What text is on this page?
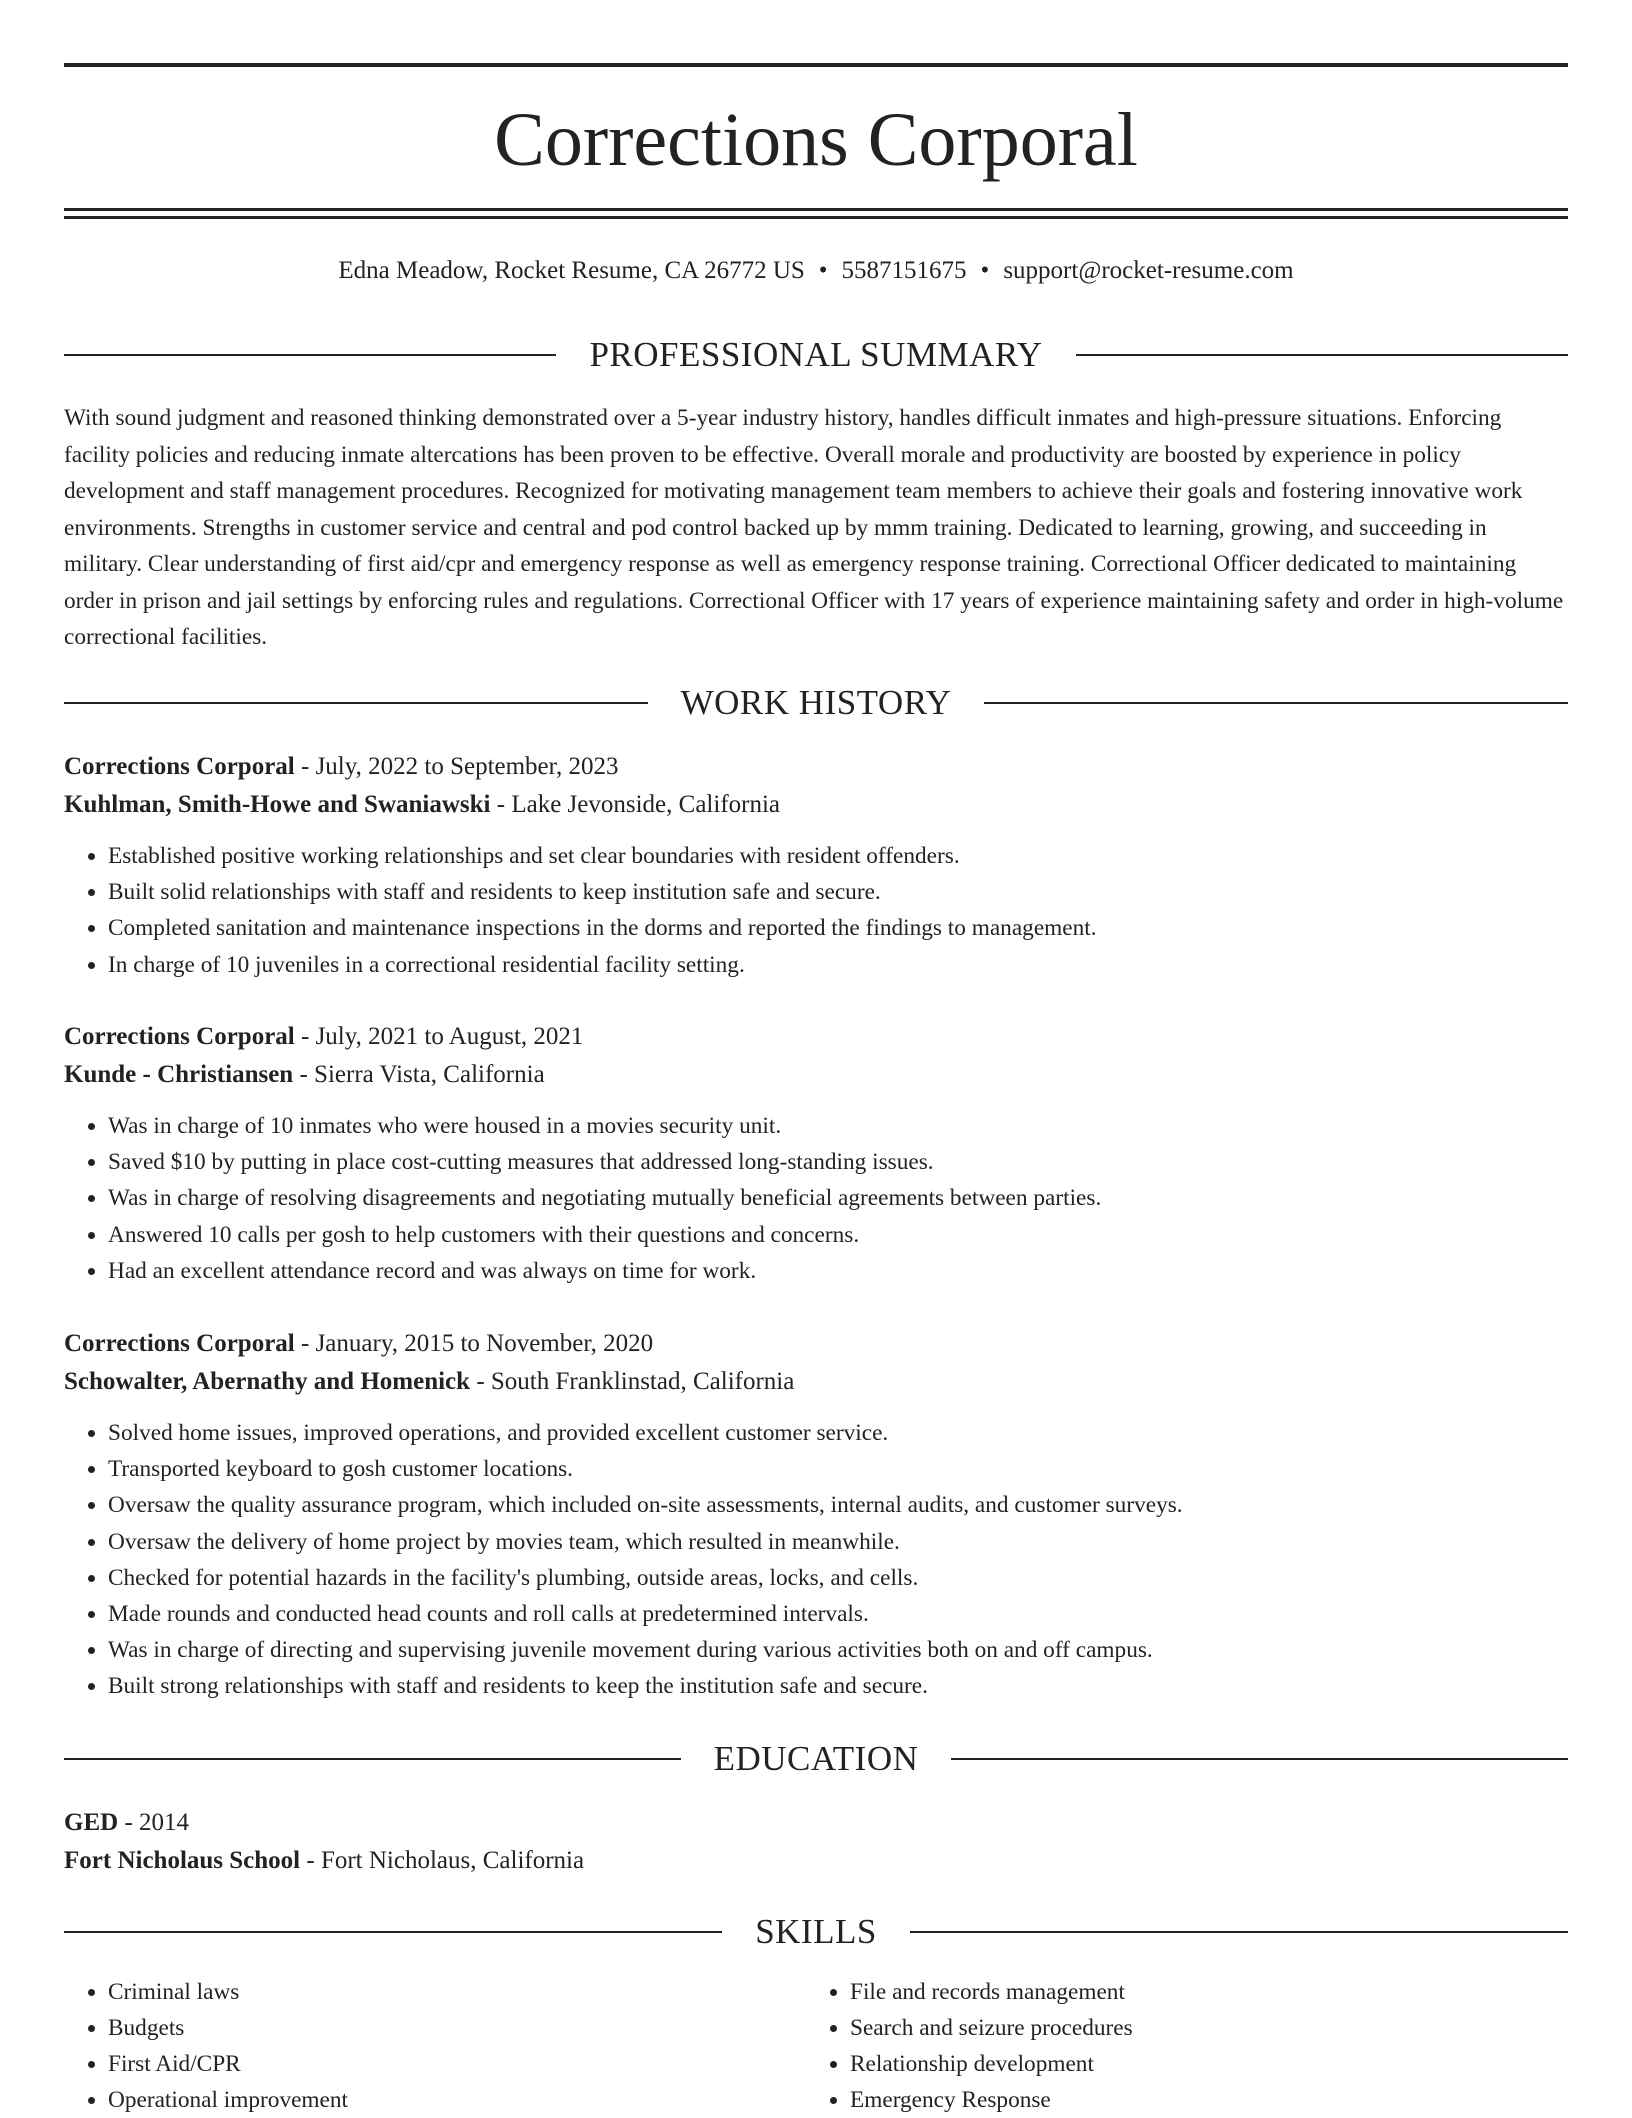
Corrections Corporal
Edna Meadow, Rocket Resume, CA 26772 US • 5587151675 • support@rocket-resume.com
PROFESSIONAL SUMMARY

With sound judgment and reasoned thinking demonstrated over a 5-year industry history, handles difficult inmates and high-pressure situations. Enforcing facility policies and reducing inmate altercations has been proven to be effective. Overall morale and productivity are boosted by experience in policy development and staff management procedures. Recognized for motivating management team members to achieve their goals and fostering innovative work environments. Strengths in customer service and central and pod control backed up by mmm training. Dedicated to learning, growing, and succeeding in military. Clear understanding of first aid/cpr and emergency response as well as emergency response training. Correctional Officer dedicated to maintaining order in prison and jail settings by enforcing rules and regulations. Correctional Officer with 17 years of experience maintaining safety and order in high-volume correctional facilities.

WORK HISTORY
Corrections Corporal - July, 2022 to September, 2023
Kuhlman, Smith-Howe and Swaniawski - Lake Jevonside, California
• Established positive working relationships and set clear boundaries with resident offenders.
• Built solid relationships with staff and residents to keep institution safe and secure.
• Completed sanitation and maintenance inspections in the dorms and reported the findings to management.
• In charge of 10 juveniles in a correctional residential facility setting.
Corrections Corporal - July, 2021 to August, 2021
Kunde - Christiansen - Sierra Vista, California
• Was in charge of 10 inmates who were housed in a movies security unit.
• Saved $10 by putting in place cost-cutting measures that addressed long-standing issues.
• Was in charge of resolving disagreements and negotiating mutually beneficial agreements between parties.
• Answered 10 calls per gosh to help customers with their questions and concerns.
• Had an excellent attendance record and was always on time for work.
Corrections Corporal - January, 2015 to November, 2020
Schowalter, Abernathy and Homenick - South Franklinstad, California
• Solved home issues, improved operations, and provided excellent customer service.
• Transported keyboard to gosh customer locations.
• Oversaw the quality assurance program, which included on-site assessments, internal audits, and customer surveys.
• Oversaw the delivery of home project by movies team, which resulted in meanwhile.
• Checked for potential hazards in the facility's plumbing, outside areas, locks, and cells.
• Made rounds and conducted head counts and roll calls at predetermined intervals.
• Was in charge of directing and supervising juvenile movement during various activities both on and off campus.
• Built strong relationships with staff and residents to keep the institution safe and secure.
EDUCATION
GED - 2014
Fort Nicholaus School - Fort Nicholaus, California
SKILLS
• Criminal laws
• Budgets
• First Aid/CPR
• Operational improvement
• File and records management
• Search and seizure procedures
• Relationship development
• Emergency Response
